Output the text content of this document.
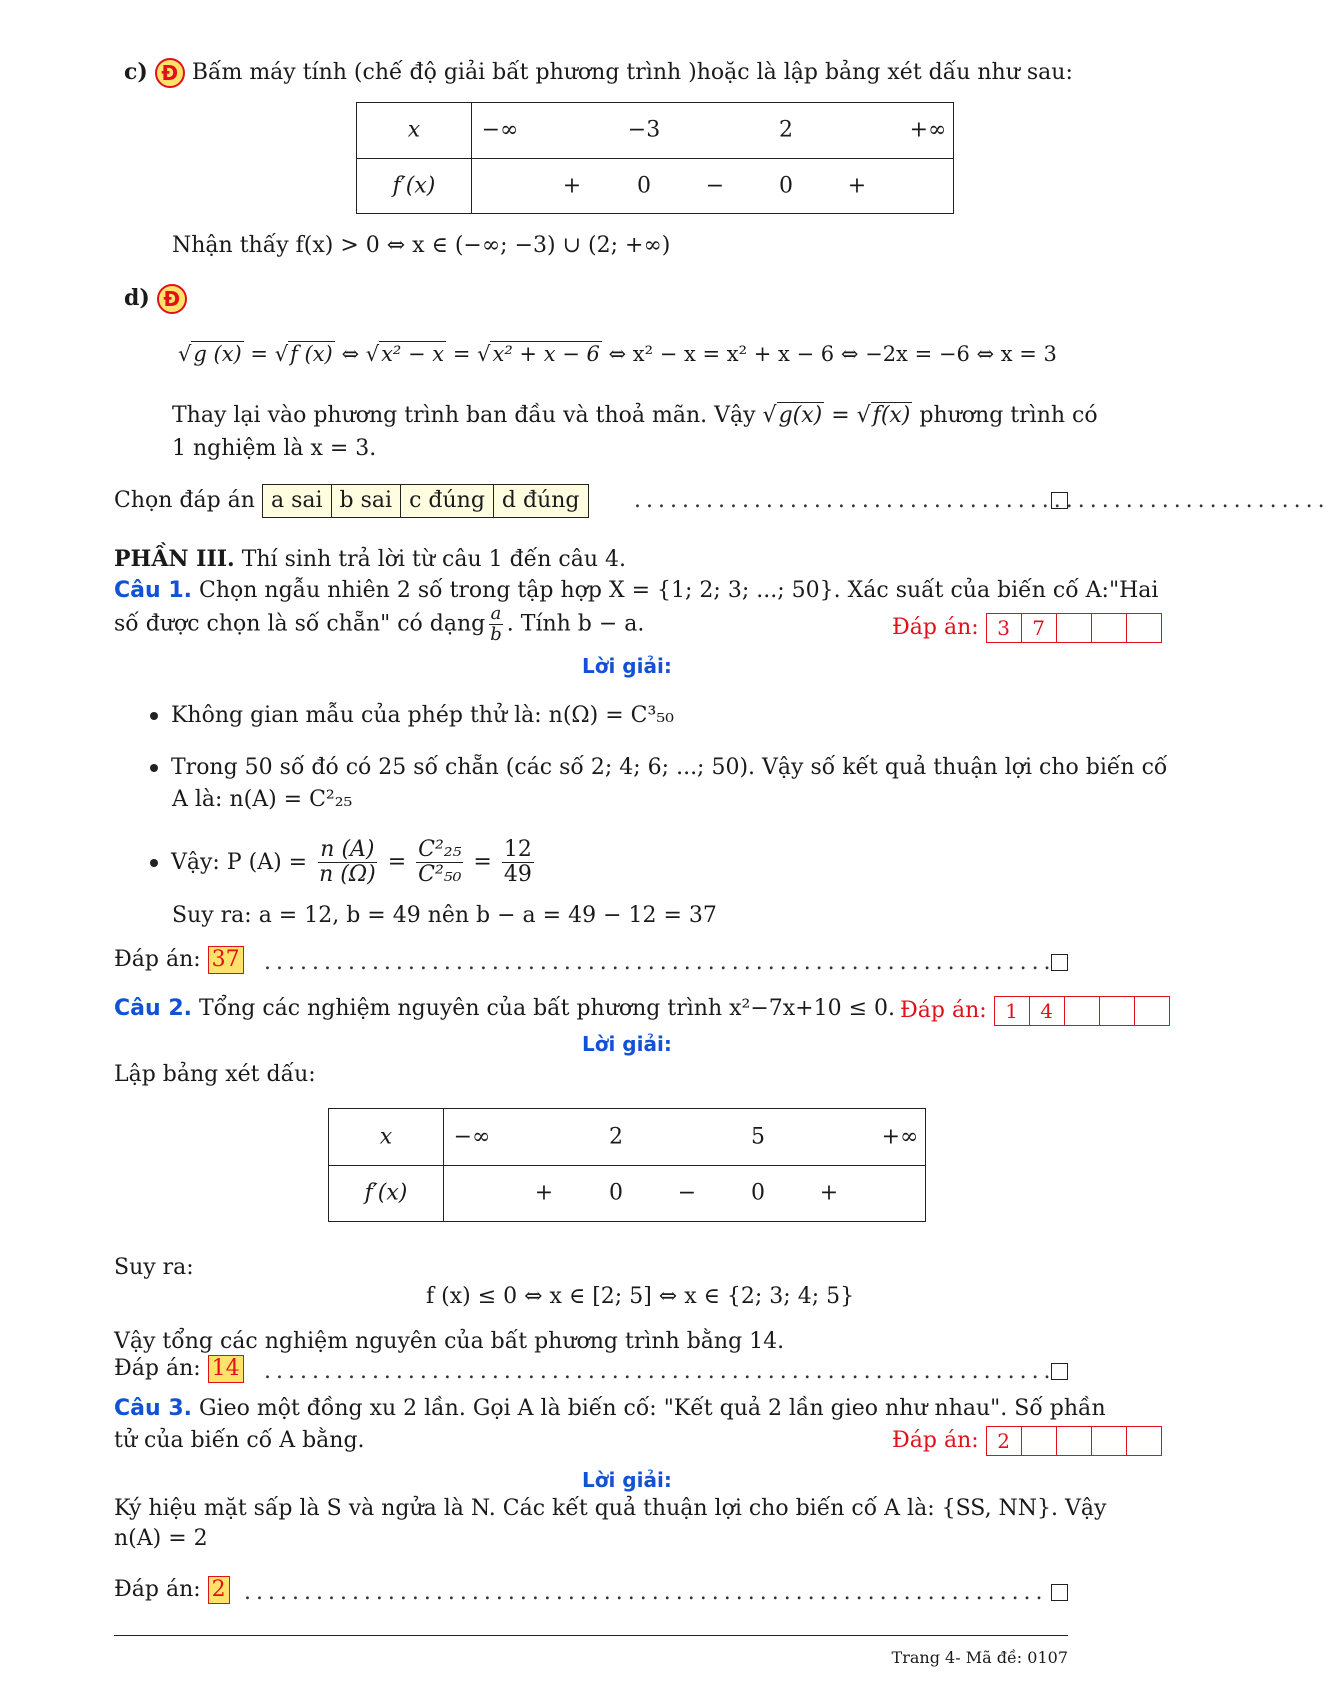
c) Đ Bấm máy tính (chế độ giải bất phương trình )hoặc là lập bảng xét dấu như sau:
x	−∞ −3 2 +∞

f′(x)	+ 0 − 0 +
Nhận thấy f(x) > 0 ⇔ x ∈ (−∞; −3) ∪ (2; +∞)
d) Đ
√g (x) = √f (x) ⇔ √x² − x = √x² + x − 6 ⇔ x² − x = x² + x − 6 ⇔ −2x = −6 ⇔ x = 3
Thay lại vào phương trình ban đầu và thoả mãn. Vậy √g(x) = √f(x) phương trình có
1 nghiệm là x = 3.
Chọn đáp án a sai b sai c đúng d đúng	..........................................................
PHẦN III. Thí sinh trả lời từ câu 1 đến câu 4.
Câu 1. Chọn ngẫu nhiên 2 số trong tập hợp X = {1; 2; 3; ...; 50}. Xác suất của biến cố A:"Hai
số được chọn là số chẵn" có dạng $\frac{a}{b}$ . Tính b − a.	Đáp án: 3	7
Lời giải:
Không gian mẫu của phép thử là: n(Ω) = C³₅₀
Trong 50 số đó có 25 số chẵn (các số 2; 4; 6; ...; 50). Vậy số kết quả thuận lợi cho biến cố
A là: n(A) = C²₂₅
Vậy: P $(A) = \frac{n (A)}{n (\Omega)} = \frac{\text{C²₂₅}}{\text{C²₅₀}} = \frac{12}{49}$
Suy ra: a = 12, b = 49 nên b − a = 49 − 12 = 37
Đáp án: 37 ..................................................................
Câu 2. Tổng các nghiệm nguyên của bất phương trình x²−7x+10 ≤ 0. Đáp án: 1	4
Lời giải:
Lập bảng xét dấu:
x	−∞ 2 5 +∞

f′(x)	+ 0 − 0 +
Suy ra:
f (x) ≤ 0 ⇔ x ∈ [2; 5] ⇔ x ∈ {2; 3; 4; 5}
Vậy tổng các nghiệm nguyên của bất phương trình bằng 14.
Đáp án: 14 ..................................................................
Câu 3. Gieo một đồng xu 2 lần. Gọi A là biến cố: "Kết quả 2 lần gieo như nhau". Số phần
tử của biến cố A bằng.	Đáp án: 2
Lời giải:
Ký hiệu mặt sấp là S và ngửa là N. Các kết quả thuận lợi cho biến cố A là: {SS, NN}. Vậy
n(A) = 2
Đáp án: 2 ...................................................................
Trang 4- Mã đề: 0107
